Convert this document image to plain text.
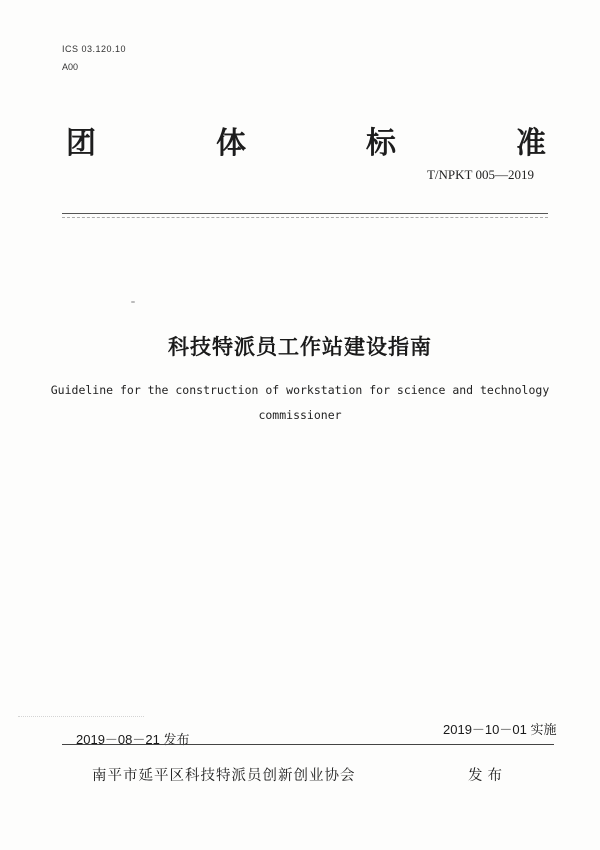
ICS 03.120.10
A00
团	体	标	准
T/NPKT 005—2019
科技特派员工作站建设指南
Guideline for the construction of workstation for science and technology
commissioner
2019－08－21 发布
2019－10－01 实施
南平市延平区科技特派员创新创业协会	发布
